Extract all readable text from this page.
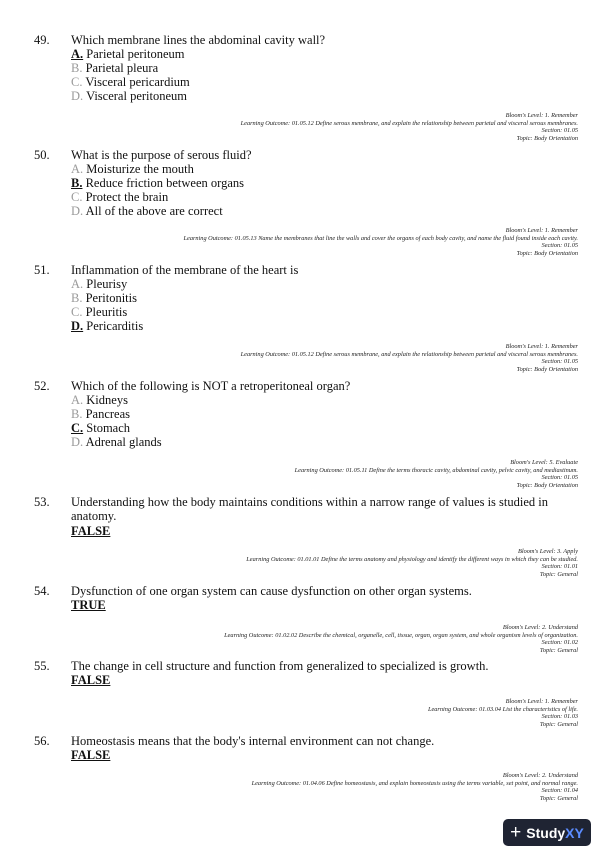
49. Which membrane lines the abdominal cavity wall?
A. Parietal peritoneum
B. Parietal pleura
C. Visceral pericardium
D. Visceral peritoneum
Bloom's Level: 1. Remember
Learning Outcome: 01.05.12 Define serous membrane, and explain the relationship between parietal and visceral serous membranes.
Section: 01.05
Topic: Body Orientation
50. What is the purpose of serous fluid?
A. Moisturize the mouth
B. Reduce friction between organs
C. Protect the brain
D. All of the above are correct
Bloom's Level: 1. Remember
Learning Outcome: 01.05.13 Name the membranes that line the walls and cover the organs of each body cavity, and name the fluid found inside each cavity.
Section: 01.05
Topic: Body Orientation
51. Inflammation of the membrane of the heart is
A. Pleurisy
B. Peritonitis
C. Pleuritis
D. Pericarditis
Bloom's Level: 1. Remember
Learning Outcome: 01.05.12 Define serous membrane, and explain the relationship between parietal and visceral serous membranes.
Section: 01.05
Topic: Body Orientation
52. Which of the following is NOT a retroperitoneal organ?
A. Kidneys
B. Pancreas
C. Stomach
D. Adrenal glands
Bloom's Level: 5. Evaluate
Learning Outcome: 01.05.11 Define the terms thoracic cavity, abdominal cavity, pelvic cavity, and mediastinum.
Section: 01.05
Topic: Body Orientation
53. Understanding how the body maintains conditions within a narrow range of values is studied in anatomy.
FALSE
Bloom's Level: 3. Apply
Learning Outcome: 01.01.01 Define the terms anatomy and physiology and identify the different ways in which they can be studied.
Section: 01.01
Topic: General
54. Dysfunction of one organ system can cause dysfunction on other organ systems.
TRUE
Bloom's Level: 2. Understand
Learning Outcome: 01.02.02 Describe the chemical, organelle, cell, tissue, organ, organ system, and whole organism levels of organization.
Section: 01.02
Topic: General
55. The change in cell structure and function from generalized to specialized is growth.
FALSE
Bloom's Level: 1. Remember
Learning Outcome: 01.03.04 List the characteristics of life.
Section: 01.03
Topic: General
56. Homeostasis means that the body's internal environment can not change.
FALSE
Bloom's Level: 2. Understand
Learning Outcome: 01.04.06 Define homeostasis, and explain homeostasis using the terms variable, set point, and normal range.
Section: 01.04
Topic: General
+ Study XY
